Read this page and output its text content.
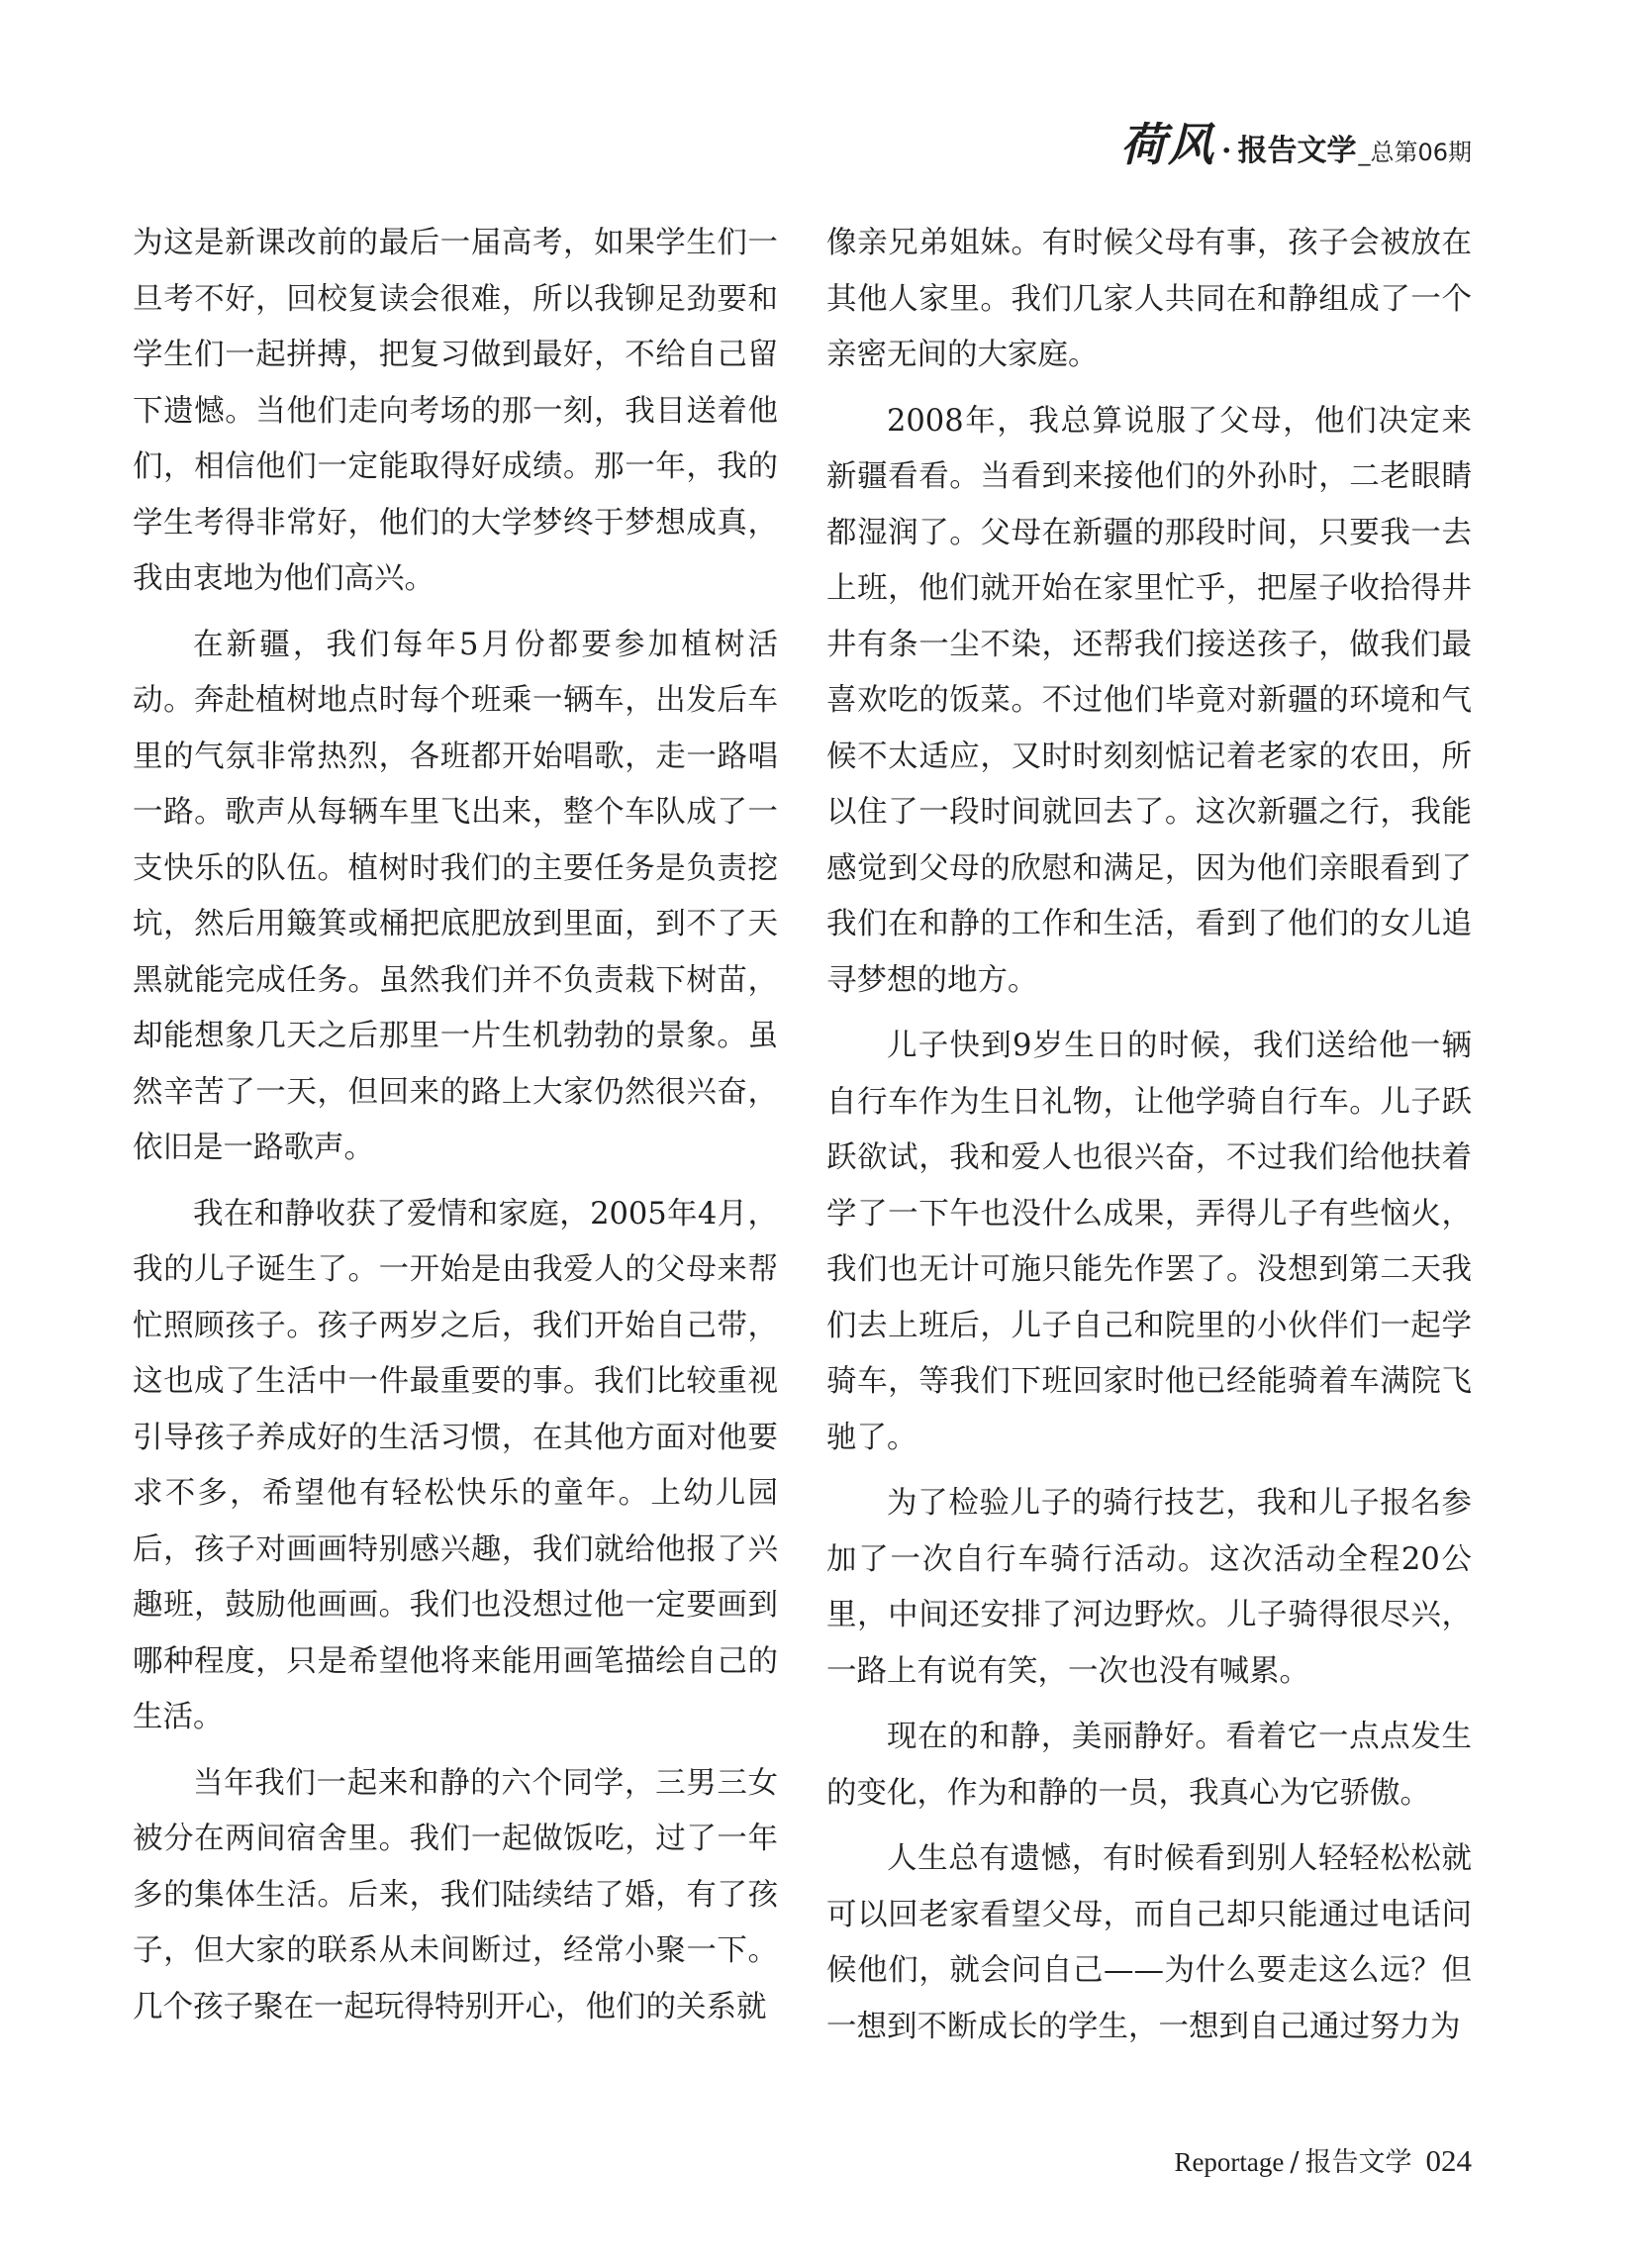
荷风 · 报告文学 _总第06期

为这是新课改前的最后一届高考，如果学生们一旦考不好，回校复读会很难，所以我铆足劲要和学生们一起拼搏，把复习做到最好，不给自己留下遗憾。当他们走向考场的那一刻，我目送着他们，相信他们一定能取得好成绩。那一年，我的学生考得非常好，他们的大学梦终于梦想成真，我由衷地为他们高兴。

在新疆，我们每年5月份都要参加植树活动。奔赴植树地点时每个班乘一辆车，出发后车里的气氛非常热烈，各班都开始唱歌，走一路唱一路。歌声从每辆车里飞出来，整个车队成了一支快乐的队伍。植树时我们的主要任务是负责挖坑，然后用簸箕或桶把底肥放到里面，到不了天黑就能完成任务。虽然我们并不负责栽下树苗，却能想象几天之后那里一片生机勃勃的景象。虽然辛苦了一天，但回来的路上大家仍然很兴奋，依旧是一路歌声。

我在和静收获了爱情和家庭，2005年4月，我的儿子诞生了。一开始是由我爱人的父母来帮忙照顾孩子。孩子两岁之后，我们开始自己带，这也成了生活中一件最重要的事。我们比较重视引导孩子养成好的生活习惯，在其他方面对他要求不多，希望他有轻松快乐的童年。上幼儿园后，孩子对画画特别感兴趣，我们就给他报了兴趣班，鼓励他画画。我们也没想过他一定要画到哪种程度，只是希望他将来能用画笔描绘自己的生活。

当年我们一起来和静的六个同学，三男三女被分在两间宿舍里。我们一起做饭吃，过了一年多的集体生活。后来，我们陆续结了婚，有了孩子，但大家的联系从未间断过，经常小聚一下。几个孩子聚在一起玩得特别开心，他们的关系就

像亲兄弟姐妹。有时候父母有事，孩子会被放在其他人家里。我们几家人共同在和静组成了一个亲密无间的大家庭。

2008年，我总算说服了父母，他们决定来新疆看看。当看到来接他们的外孙时，二老眼睛都湿润了。父母在新疆的那段时间，只要我一去上班，他们就开始在家里忙乎，把屋子收拾得井井有条一尘不染，还帮我们接送孩子，做我们最喜欢吃的饭菜。不过他们毕竟对新疆的环境和气候不太适应，又时时刻刻惦记着老家的农田，所以住了一段时间就回去了。这次新疆之行，我能感觉到父母的欣慰和满足，因为他们亲眼看到了我们在和静的工作和生活，看到了他们的女儿追寻梦想的地方。

儿子快到9岁生日的时候，我们送给他一辆自行车作为生日礼物，让他学骑自行车。儿子跃跃欲试，我和爱人也很兴奋，不过我们给他扶着学了一下午也没什么成果，弄得儿子有些恼火，我们也无计可施只能先作罢了。没想到第二天我们去上班后，儿子自己和院里的小伙伴们一起学骑车，等我们下班回家时他已经能骑着车满院飞驰了。

为了检验儿子的骑行技艺，我和儿子报名参加了一次自行车骑行活动。这次活动全程20公里，中间还安排了河边野炊。儿子骑得很尽兴，一路上有说有笑，一次也没有喊累。

现在的和静，美丽静好。看着它一点点发生的变化，作为和静的一员，我真心为它骄傲。

人生总有遗憾，有时候看到别人轻轻松松就可以回老家看望父母，而自己却只能通过电话问候他们，就会问自己——为什么要走这么远？但一想到不断成长的学生，一想到自己通过努力为

Reportage / 报告文学 024
